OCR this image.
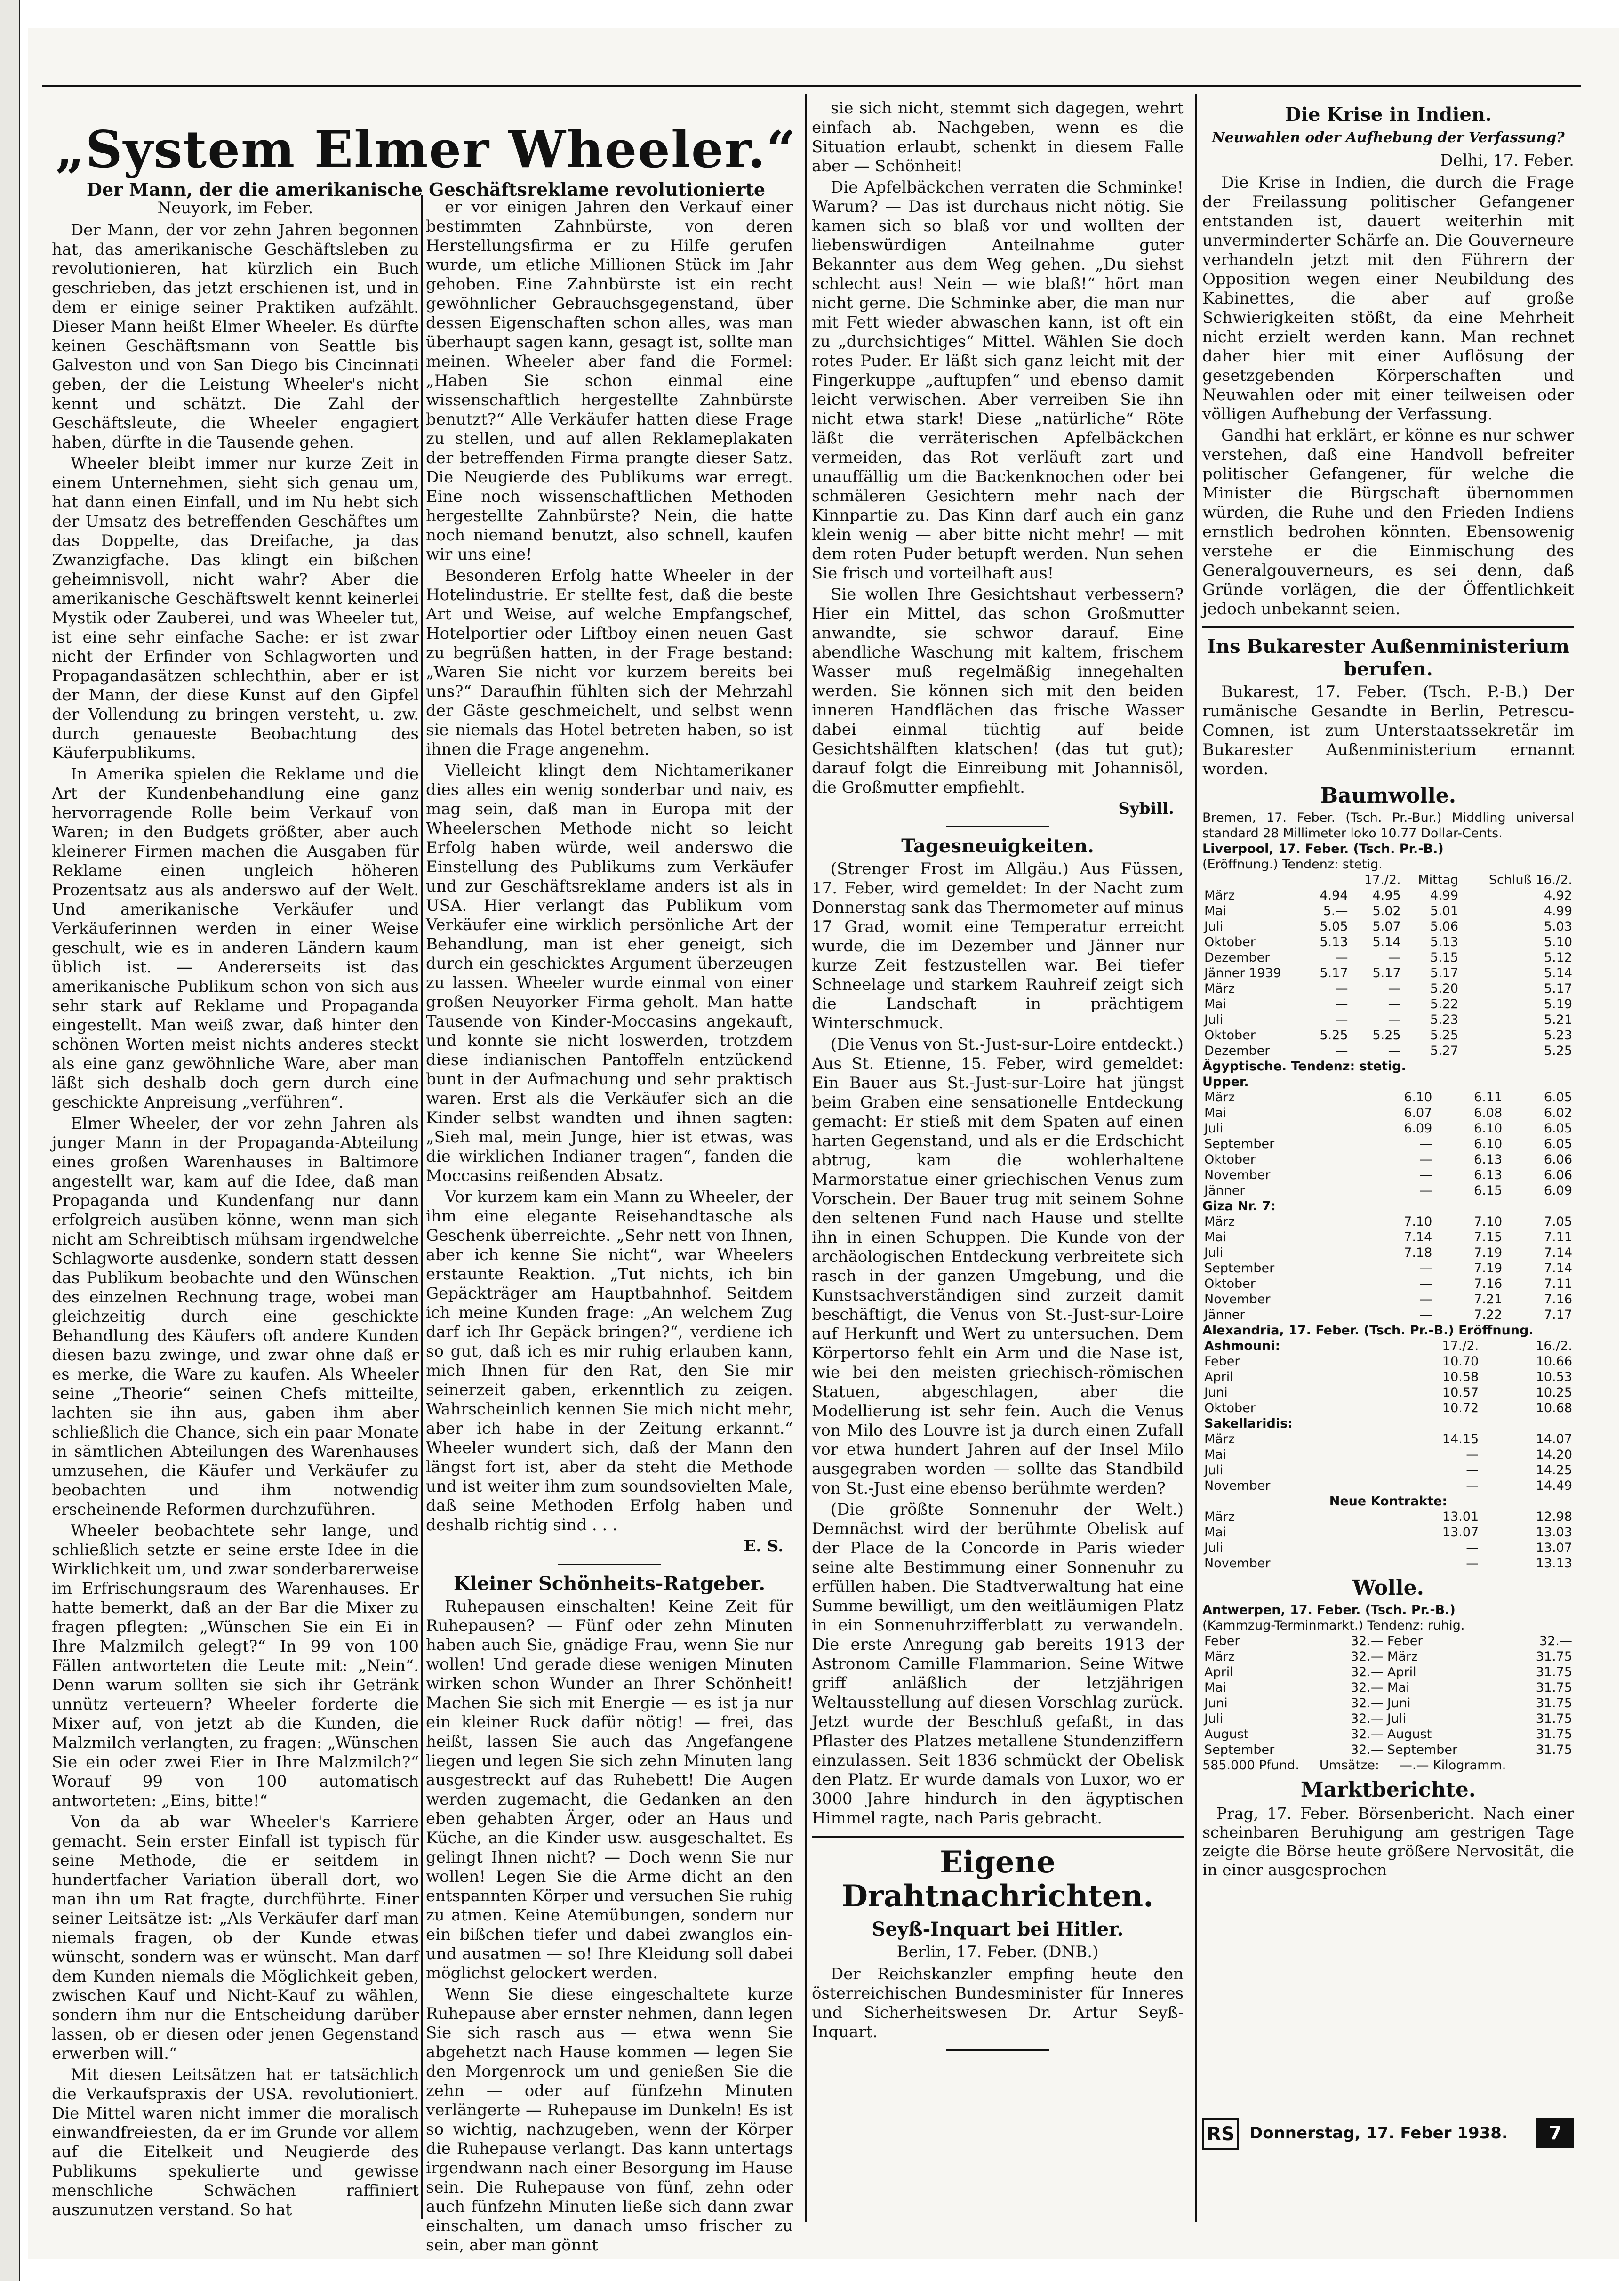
„System Elmer Wheeler.“
Der Mann, der die amerikanische Geschäftsreklame revolutionierte
Neuyork, im Feber.

Der Mann, der vor zehn Jahren begonnen hat, das amerikanische Geschäftsleben zu revolutionieren, hat kürzlich ein Buch geschrieben, das jetzt erschienen ist, und in dem er einige seiner Praktiken aufzählt. Dieser Mann heißt Elmer Wheeler. Es dürfte keinen Geschäftsmann von Seattle bis Galveston und von San Diego bis Cincinnati geben, der die Leistung Wheeler's nicht kennt und schätzt. Die Zahl der Geschäftsleute, die Wheeler engagiert haben, dürfte in die Tausende gehen.

Wheeler bleibt immer nur kurze Zeit in einem Unternehmen, sieht sich genau um, hat dann einen Einfall, und im Nu hebt sich der Umsatz des betreffenden Geschäftes um das Doppelte, das Dreifache, ja das Zwanzigfache. Das klingt ein bißchen geheimnisvoll, nicht wahr? Aber die amerikanische Geschäftswelt kennt keinerlei Mystik oder Zauberei, und was Wheeler tut, ist eine sehr einfache Sache: er ist zwar nicht der Erfinder von Schlagworten und Propagandasätzen schlechthin, aber er ist der Mann, der diese Kunst auf den Gipfel der Vollendung zu bringen versteht, u. zw. durch genaueste Beobachtung des Käuferpublikums.

In Amerika spielen die Reklame und die Art der Kundenbehandlung eine ganz hervorragende Rolle beim Verkauf von Waren; in den Budgets größter, aber auch kleinerer Firmen machen die Ausgaben für Reklame einen ungleich höheren Prozentsatz aus als anderswo auf der Welt. Und amerikanische Verkäufer und Verkäuferinnen werden in einer Weise geschult, wie es in anderen Ländern kaum üblich ist. — Andererseits ist das amerikanische Publikum schon von sich aus sehr stark auf Reklame und Propaganda eingestellt. Man weiß zwar, daß hinter den schönen Worten meist nichts anderes steckt als eine ganz gewöhnliche Ware, aber man läßt sich deshalb doch gern durch eine geschickte Anpreisung „verführen“.

Elmer Wheeler, der vor zehn Jahren als junger Mann in der Propaganda-Abteilung eines großen Warenhauses in Baltimore angestellt war, kam auf die Idee, daß man Propaganda und Kundenfang nur dann erfolgreich ausüben könne, wenn man sich nicht am Schreibtisch mühsam irgendwelche Schlagworte ausdenke, sondern statt dessen das Publikum beobachte und den Wünschen des einzelnen Rechnung trage, wobei man gleichzeitig durch eine geschickte Behandlung des Käufers oft andere Kunden diesen bazu zwinge, und zwar ohne daß er es merke, die Ware zu kaufen. Als Wheeler seine „Theorie“ seinen Chefs mitteilte, lachten sie ihn aus, gaben ihm aber schließlich die Chance, sich ein paar Monate in sämtlichen Abteilungen des Warenhauses umzusehen, die Käufer und Verkäufer zu beobachten und ihm notwendig erscheinende Reformen durchzuführen.

Wheeler beobachtete sehr lange, und schließlich setzte er seine erste Idee in die Wirklichkeit um, und zwar sonderbarerweise im Erfrischungsraum des Warenhauses. Er hatte bemerkt, daß an der Bar die Mixer zu fragen pflegten: „Wünschen Sie ein Ei in Ihre Malzmilch gelegt?“ In 99 von 100 Fällen antworteten die Leute mit: „Nein“. Denn warum sollten sie sich ihr Getränk unnütz verteuern? Wheeler forderte die Mixer auf, von jetzt ab die Kunden, die Malzmilch verlangten, zu fragen: „Wünschen Sie ein oder zwei Eier in Ihre Malzmilch?“ Worauf 99 von 100 automatisch antworteten: „Eins, bitte!“

Von da ab war Wheeler's Karriere gemacht. Sein erster Einfall ist typisch für seine Methode, die er seitdem in hundertfacher Variation überall dort, wo man ihn um Rat fragte, durchführte. Einer seiner Leitsätze ist: „Als Verkäufer darf man niemals fragen, ob der Kunde etwas wünscht, sondern was er wünscht. Man darf dem Kunden niemals die Möglichkeit geben, zwischen Kauf und Nicht-Kauf zu wählen, sondern ihm nur die Entscheidung darüber lassen, ob er diesen oder jenen Gegenstand erwerben will.“

Mit diesen Leitsätzen hat er tatsächlich die Verkaufspraxis der USA. revolutioniert. Die Mittel waren nicht immer die moralisch einwandfreiesten, da er im Grunde vor allem auf die Eitelkeit und Neugierde des Publikums spekulierte und gewisse menschliche Schwächen raffiniert auszunutzen verstand. So hat

er vor einigen Jahren den Verkauf einer bestimmten Zahnbürste, von deren Herstellungsfirma er zu Hilfe gerufen wurde, um etliche Millionen Stück im Jahr gehoben. Eine Zahnbürste ist ein recht gewöhnlicher Gebrauchsgegenstand, über dessen Eigenschaften schon alles, was man überhaupt sagen kann, gesagt ist, sollte man meinen. Wheeler aber fand die Formel: „Haben Sie schon einmal eine wissenschaftlich hergestellte Zahnbürste benutzt?“ Alle Verkäufer hatten diese Frage zu stellen, und auf allen Reklameplakaten der betreffenden Firma prangte dieser Satz. Die Neugierde des Publikums war erregt. Eine noch wissenschaftlichen Methoden hergestellte Zahnbürste? Nein, die hatte noch niemand benutzt, also schnell, kaufen wir uns eine!

Besonderen Erfolg hatte Wheeler in der Hotelindustrie. Er stellte fest, daß die beste Art und Weise, auf welche Empfangschef, Hotelportier oder Liftboy einen neuen Gast zu begrüßen hatten, in der Frage bestand: „Waren Sie nicht vor kurzem bereits bei uns?“ Daraufhin fühlten sich der Mehrzahl der Gäste geschmeichelt, und selbst wenn sie niemals das Hotel betreten haben, so ist ihnen die Frage angenehm.

Vielleicht klingt dem Nichtamerikaner dies alles ein wenig sonderbar und naiv, es mag sein, daß man in Europa mit der Wheelerschen Methode nicht so leicht Erfolg haben würde, weil anderswo die Einstellung des Publikums zum Verkäufer und zur Geschäftsreklame anders ist als in USA. Hier verlangt das Publikum vom Verkäufer eine wirklich persönliche Art der Behandlung, man ist eher geneigt, sich durch ein geschicktes Argument überzeugen zu lassen. Wheeler wurde einmal von einer großen Neuyorker Firma geholt. Man hatte Tausende von Kinder-Moccasins angekauft, und konnte sie nicht loswerden, trotzdem diese indianischen Pantoffeln entzückend bunt in der Aufmachung und sehr praktisch waren. Erst als die Verkäufer sich an die Kinder selbst wandten und ihnen sagten: „Sieh mal, mein Junge, hier ist etwas, was die wirklichen Indianer tragen“, fanden die Moccasins reißenden Absatz.

Vor kurzem kam ein Mann zu Wheeler, der ihm eine elegante Reisehandtasche als Geschenk überreichte. „Sehr nett von Ihnen, aber ich kenne Sie nicht“, war Wheelers erstaunte Reaktion. „Tut nichts, ich bin Gepäckträger am Hauptbahnhof. Seitdem ich meine Kunden frage: „An welchem Zug darf ich Ihr Gepäck bringen?“, verdiene ich so gut, daß ich es mir ruhig erlauben kann, mich Ihnen für den Rat, den Sie mir seinerzeit gaben, erkenntlich zu zeigen. Wahrscheinlich kennen Sie mich nicht mehr, aber ich habe in der Zeitung erkannt.“ Wheeler wundert sich, daß der Mann den längst fort ist, aber da steht die Methode und ist weiter ihm zum soundsovielten Male, daß seine Methoden Erfolg haben und deshalb richtig sind . . .

E. S.
Kleiner Schönheits-Ratgeber.

Ruhepausen einschalten! Keine Zeit für Ruhepausen? — Fünf oder zehn Minuten haben auch Sie, gnädige Frau, wenn Sie nur wollen! Und gerade diese wenigen Minuten wirken schon Wunder an Ihrer Schönheit! Machen Sie sich mit Energie — es ist ja nur ein kleiner Ruck dafür nötig! — frei, das heißt, lassen Sie auch das Angefangene liegen und legen Sie sich zehn Minuten lang ausgestreckt auf das Ruhebett! Die Augen werden zugemacht, die Gedanken an den eben gehabten Ärger, oder an Haus und Küche, an die Kinder usw. ausgeschaltet. Es gelingt Ihnen nicht? — Doch wenn Sie nur wollen! Legen Sie die Arme dicht an den entspannten Körper und versuchen Sie ruhig zu atmen. Keine Atemübungen, sondern nur ein bißchen tiefer und dabei zwanglos ein- und ausatmen — so! Ihre Kleidung soll dabei möglichst gelockert werden.

Wenn Sie diese eingeschaltete kurze Ruhepause aber ernster nehmen, dann legen Sie sich rasch aus — etwa wenn Sie abgehetzt nach Hause kommen — legen Sie den Morgenrock um und genießen Sie die zehn — oder auf fünfzehn Minuten verlängerte — Ruhepause im Dunkeln! Es ist so wichtig, nachzugeben, wenn der Körper die Ruhepause verlangt. Das kann untertags irgendwann nach einer Besorgung im Hause sein. Die Ruhepause von fünf, zehn oder auch fünfzehn Minuten ließe sich dann zwar einschalten, um danach umso frischer zu sein, aber man gönnt

sie sich nicht, stemmt sich dagegen, wehrt einfach ab. Nachgeben, wenn es die Situation erlaubt, schenkt in diesem Falle aber — Schönheit!

Die Apfelbäckchen verraten die Schminke! Warum? — Das ist durchaus nicht nötig. Sie kamen sich so blaß vor und wollten der liebenswürdigen Anteilnahme guter Bekannter aus dem Weg gehen. „Du siehst schlecht aus! Nein — wie blaß!“ hört man nicht gerne. Die Schminke aber, die man nur mit Fett wieder abwaschen kann, ist oft ein zu „durchsichtiges“ Mittel. Wählen Sie doch rotes Puder. Er läßt sich ganz leicht mit der Fingerkuppe „auftupfen“ und ebenso damit leicht verwischen. Aber verreiben Sie ihn nicht etwa stark! Diese „natürliche“ Röte läßt die verräterischen Apfelbäckchen vermeiden, das Rot verläuft zart und unauffällig um die Backenknochen oder bei schmäleren Gesichtern mehr nach der Kinnpartie zu. Das Kinn darf auch ein ganz klein wenig — aber bitte nicht mehr! — mit dem roten Puder betupft werden. Nun sehen Sie frisch und vorteilhaft aus!

Sie wollen Ihre Gesichtshaut verbessern? Hier ein Mittel, das schon Großmutter anwandte, sie schwor darauf. Eine abendliche Waschung mit kaltem, frischem Wasser muß regelmäßig innegehalten werden. Sie können sich mit den beiden inneren Handflächen das frische Wasser dabei einmal tüchtig auf beide Gesichtshälften klatschen! (das tut gut); darauf folgt die Einreibung mit Johannisöl, die Großmutter empfiehlt.

Sybill.
Tagesneuigkeiten.

(Strenger Frost im Allgäu.) Aus Füssen, 17. Feber, wird gemeldet: In der Nacht zum Donnerstag sank das Thermometer auf minus 17 Grad, womit eine Temperatur erreicht wurde, die im Dezember und Jänner nur kurze Zeit festzustellen war. Bei tiefer Schneelage und starkem Rauhreif zeigt sich die Landschaft in prächtigem Winterschmuck.

(Die Venus von St.-Just-sur-Loire entdeckt.) Aus St. Etienne, 15. Feber, wird gemeldet: Ein Bauer aus St.-Just-sur-Loire hat jüngst beim Graben eine sensationelle Entdeckung gemacht: Er stieß mit dem Spaten auf einen harten Gegenstand, und als er die Erdschicht abtrug, kam die wohlerhaltene Marmorstatue einer griechischen Venus zum Vorschein. Der Bauer trug mit seinem Sohne den seltenen Fund nach Hause und stellte ihn in einen Schuppen. Die Kunde von der archäologischen Entdeckung verbreitete sich rasch in der ganzen Umgebung, und die Kunstsachverständigen sind zurzeit damit beschäftigt, die Venus von St.-Just-sur-Loire auf Herkunft und Wert zu untersuchen. Dem Körpertorso fehlt ein Arm und die Nase ist, wie bei den meisten griechisch-römischen Statuen, abgeschlagen, aber die Modellierung ist sehr fein. Auch die Venus von Milo des Louvre ist ja durch einen Zufall vor etwa hundert Jahren auf der Insel Milo ausgegraben worden — sollte das Standbild von St.-Just eine ebenso berühmte werden?

(Die größte Sonnenuhr der Welt.) Demnächst wird der berühmte Obelisk auf der Place de la Concorde in Paris wieder seine alte Bestimmung einer Sonnenuhr zu erfüllen haben. Die Stadtverwaltung hat eine Summe bewilligt, um den weitläumigen Platz in ein Sonnenuhrzifferblatt zu verwandeln. Die erste Anregung gab bereits 1913 der Astronom Camille Flammarion. Seine Witwe griff anläßlich der letzjährigen Weltausstellung auf diesen Vorschlag zurück. Jetzt wurde der Beschluß gefaßt, in das Pflaster des Platzes metallene Stundenziffern einzulassen. Seit 1836 schmückt der Obelisk den Platz. Er wurde damals von Luxor, wo er 3000 Jahre hindurch in den ägyptischen Himmel ragte, nach Paris gebracht.

Eigene Drahtnachrichten.
Seyß-Inquart bei Hitler.
Berlin, 17. Feber. (DNB.)

Der Reichskanzler empfing heute den österreichischen Bundesminister für Inneres und Sicherheitswesen Dr. Artur Seyß-Inquart.

Die Krise in Indien.
Neuwahlen oder Aufhebung der Verfassung?
Delhi, 17. Feber.

Die Krise in Indien, die durch die Frage der Freilassung politischer Gefangener entstanden ist, dauert weiterhin mit unverminderter Schärfe an. Die Gouverneure verhandeln jetzt mit den Führern der Opposition wegen einer Neubildung des Kabinettes, die aber auf große Schwierigkeiten stößt, da eine Mehrheit nicht erzielt werden kann. Man rechnet daher hier mit einer Auflösung der gesetzgebenden Körperschaften und Neuwahlen oder mit einer teilweisen oder völligen Aufhebung der Verfassung.

Gandhi hat erklärt, er könne es nur schwer verstehen, daß eine Handvoll befreiter politischer Gefangener, für welche die Minister die Bürgschaft übernommen würden, die Ruhe und den Frieden Indiens ernstlich bedrohen könnten. Ebensowenig verstehe er die Einmischung des Generalgouverneurs, es sei denn, daß Gründe vorlägen, die der Öffentlichkeit jedoch unbekannt seien.

Ins Bukarester Außenministerium berufen.

Bukarest, 17. Feber. (Tsch. P.-B.) Der rumänische Gesandte in Berlin, Petrescu-Comnen, ist zum Unterstaatssekretär im Bukarester Außenministerium ernannt worden.

Baumwolle.

Bremen, 17. Feber. (Tsch. Pr.-Bur.) Middling universal standard 28 Millimeter loko 10.77 Dollar-Cents.

Liverpool, 17. Feber. (Tsch. Pr.-B.)

(Eröffnung.) Tendenz: stetig.

		17./2.	Mittag	Schluß 16./2.
März	4.94	4.95	4.99	4.92
Mai	5.—	5.02	5.01	4.99
Juli	5.05	5.07	5.06	5.03
Oktober	5.13	5.14	5.13	5.10
Dezember	—	—	5.15	5.12
Jänner 1939	5.17	5.17	5.17	5.14
März	—	—	5.20	5.17
Mai	—	—	5.22	5.19
Juli	—	—	5.23	5.21
Oktober	5.25	5.25	5.25	5.23
Dezember	—	—	5.27	5.25

Ägyptische. Tendenz: stetig.

Upper.

März	6.10	6.11	6.05
Mai	6.07	6.08	6.02
Juli	6.09	6.10	6.05
September	—	6.10	6.05
Oktober	—	6.13	6.06
November	—	6.13	6.06
Jänner	—	6.15	6.09

Giza Nr. 7:

März	7.10	7.10	7.05
Mai	7.14	7.15	7.11
Juli	7.18	7.19	7.14
September	—	7.19	7.14
Oktober	—	7.16	7.11
November	—	7.21	7.16
Jänner	—	7.22	7.17

Alexandria, 17. Feber. (Tsch. Pr.-B.) Eröffnung.

Ashmouni:	17./2.	16./2.
Feber	10.70	10.66
April	10.58	10.53
Juni	10.57	10.25
Oktober	10.72	10.68
Sakellaridis:		
März	14.15	14.07
Mai	—	14.20
Juli	—	14.25
November	—	14.49
Neue Kontrakte:		
März	13.01	12.98
Mai	13.07	13.03
Juli	—	13.07
November	—	13.13
Wolle.

Antwerpen, 17. Feber. (Tsch. Pr.-B.)

(Kammzug-Terminmarkt.) Tendenz: ruhig.

Feber	32.—	Feber	32.—
März	32.—	März	31.75
April	32.—	April	31.75
Mai	32.—	Mai	31.75
Juni	32.—	Juni	31.75
Juli	32.—	Juli	31.75
August	32.—	August	31.75
September	32.—	September	31.75

585.000 Pfund.     Umsätze:     —.— Kilogramm.

Marktberichte.

Prag, 17. Feber. Börsenbericht. Nach einer scheinbaren Beruhigung am gestrigen Tage zeigte die Börse heute größere Nervosität, die in einer ausgesprochen

RS Donnerstag, 17. Feber 1938.	7
